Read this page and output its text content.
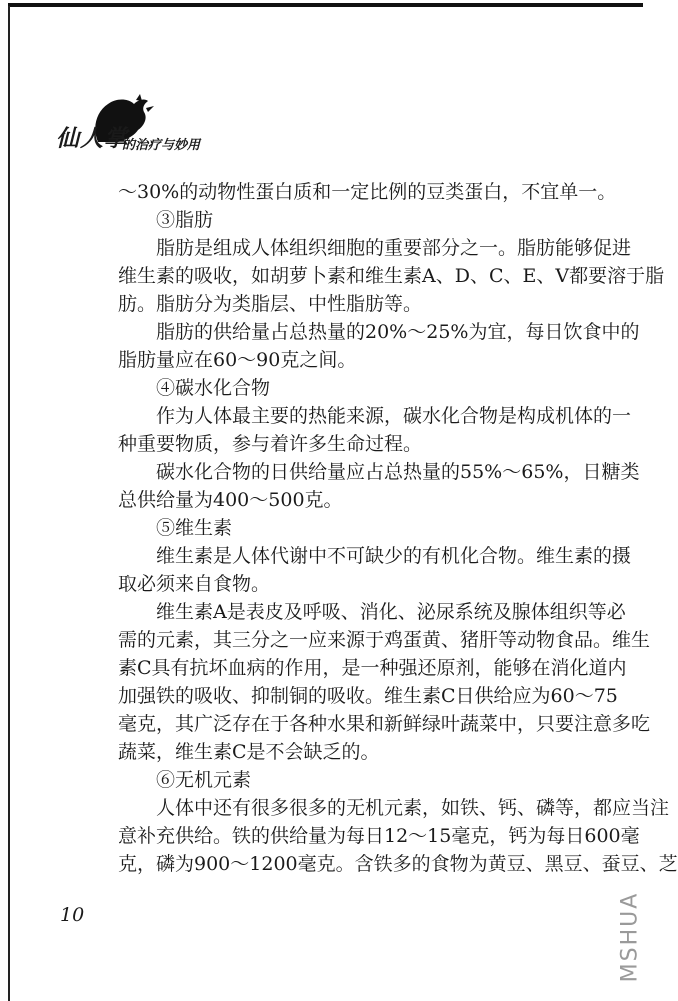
仙人掌
的治疗与妙用
～30%的动物性蛋白质和一定比例的豆类蛋白，不宜单一。
③脂肪
脂肪是组成人体组织细胞的重要部分之一。脂肪能够促进
维生素的吸收，如胡萝卜素和维生素A、D、C、E、V都要溶于脂
肪。脂肪分为类脂层、中性脂肪等。
脂肪的供给量占总热量的20%～25%为宜，每日饮食中的
脂肪量应在60～90克之间。
④碳水化合物
作为人体最主要的热能来源，碳水化合物是构成机体的一
种重要物质，参与着许多生命过程。
碳水化合物的日供给量应占总热量的55%～65%，日糖类
总供给量为400～500克。
⑤维生素
维生素是人体代谢中不可缺少的有机化合物。维生素的摄
取必须来自食物。
维生素A是表皮及呼吸、消化、泌尿系统及腺体组织等必
需的元素，其三分之一应来源于鸡蛋黄、猪肝等动物食品。维生
素C具有抗坏血病的作用，是一种强还原剂，能够在消化道内
加强铁的吸收、抑制铜的吸收。维生素C日供给应为60～75
毫克，其广泛存在于各种水果和新鲜绿叶蔬菜中，只要注意多吃
蔬菜，维生素C是不会缺乏的。
⑥无机元素
人体中还有很多很多的无机元素，如铁、钙、磷等，都应当注
意补充供给。铁的供给量为每日12～15毫克，钙为每日600毫
克，磷为900～1200毫克。含铁多的食物为黄豆、黑豆、蚕豆、芝
10	MSHUA
